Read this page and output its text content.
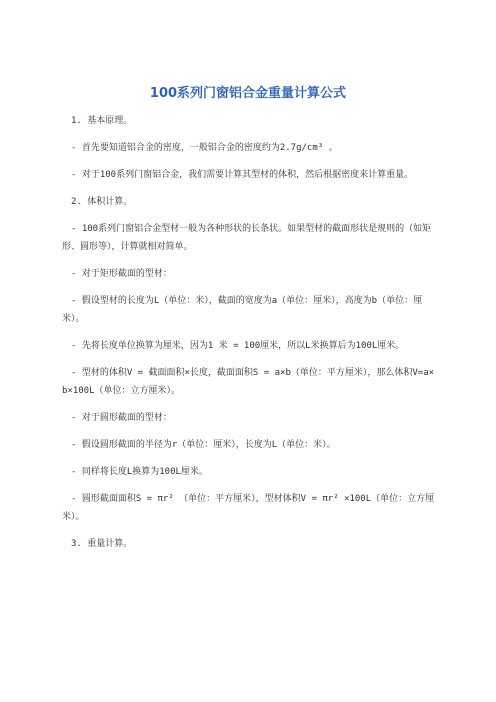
100系列门窗铝合金重量计算公式

1. 基本原理。

- 首先要知道铝合金的密度，一般铝合金的密度约为2.7g/cm³ 。

- 对于100系列门窗铝合金，我们需要计算其型材的体积，然后根据密度来计算重量。

2. 体积计算。

- 100系列门窗铝合金型材一般为各种形状的长条状。如果型材的截面形状是规则的（如矩形、圆形等），计算就相对简单。

- 对于矩形截面的型材：

- 假设型材的长度为L（单位：米），截面的宽度为a（单位：厘米），高度为b（单位：厘米）。

- 先将长度单位换算为厘米，因为1 米 = 100厘米，所以L米换算后为100L厘米。

- 型材的体积V = 截面面积×长度，截面面积S = a×b（单位：平方厘米），那么体积V=a×b×100L（单位：立方厘米）。

- 对于圆形截面的型材：

- 假设圆形截面的半径为r（单位：厘米），长度为L（单位：米）。

- 同样将长度L换算为100L厘米。

- 圆形截面面积S = πr² （单位：平方厘米），型材体积V = πr² ×100L（单位：立方厘米）。

3. 重量计算。
